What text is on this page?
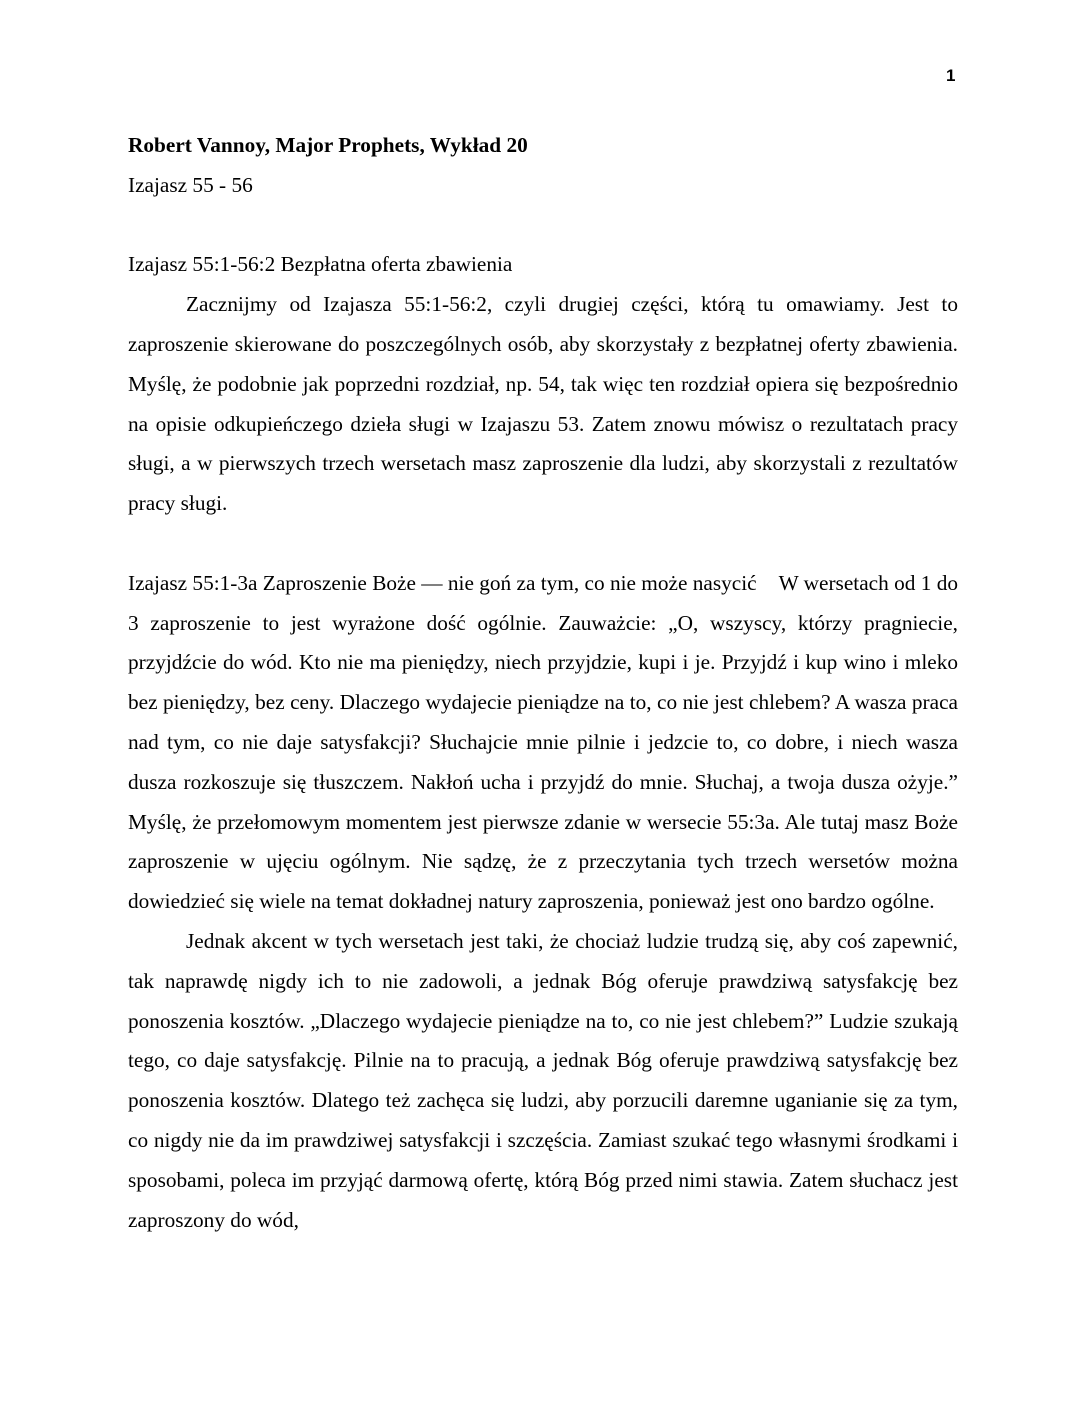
1
Robert Vannoy, Major Prophets, Wykład 20
Izajasz 55 - 56
Izajasz 55:1-56:2 Bezpłatna oferta zbawienia

Zacznijmy od Izajasza 55:1-56:2, czyli drugiej części, którą tu omawiamy. Jest to zaproszenie skierowane do poszczególnych osób, aby skorzystały z bezpłatnej oferty zbawienia. Myślę, że podobnie jak poprzedni rozdział, np. 54, tak więc ten rozdział opiera się bezpośrednio na opisie odkupieńczego dzieła sługi w Izajaszu 53. Zatem znowu mówisz o rezultatach pracy sługi, a w pierwszych trzech wersetach masz zaproszenie dla ludzi, aby skorzystali z rezultatów pracy sługi.

Izajasz 55:1-3a Zaproszenie Boże — nie goń za tym, co nie może nasycić W wersetach od 1 do 3 zaproszenie to jest wyrażone dość ogólnie. Zauważcie: „O, wszyscy, którzy pragniecie, przyjdźcie do wód. Kto nie ma pieniędzy, niech przyjdzie, kupi i je. Przyjdź i kup wino i mleko bez pieniędzy, bez ceny. Dlaczego wydajecie pieniądze na to, co nie jest chlebem? A wasza praca nad tym, co nie daje satysfakcji? Słuchajcie mnie pilnie i jedzcie to, co dobre, i niech wasza dusza rozkoszuje się tłuszczem. Nakłoń ucha i przyjdź do mnie. Słuchaj, a twoja dusza ożyje.” Myślę, że przełomowym momentem jest pierwsze zdanie w wersecie 55:3a. Ale tutaj masz Boże zaproszenie w ujęciu ogólnym. Nie sądzę, że z przeczytania tych trzech wersetów można dowiedzieć się wiele na temat dokładnej natury zaproszenia, ponieważ jest ono bardzo ogólne.

Jednak akcent w tych wersetach jest taki, że chociaż ludzie trudzą się, aby coś zapewnić, tak naprawdę nigdy ich to nie zadowoli, a jednak Bóg oferuje prawdziwą satysfakcję bez ponoszenia kosztów. „Dlaczego wydajecie pieniądze na to, co nie jest chlebem?” Ludzie szukają tego, co daje satysfakcję. Pilnie na to pracują, a jednak Bóg oferuje prawdziwą satysfakcję bez ponoszenia kosztów. Dlatego też zachęca się ludzi, aby porzucili daremne uganianie się za tym, co nigdy nie da im prawdziwej satysfakcji i szczęścia. Zamiast szukać tego własnymi środkami i sposobami, poleca im przyjąć darmową ofertę, którą Bóg przed nimi stawia. Zatem słuchacz jest zaproszony do wód,
